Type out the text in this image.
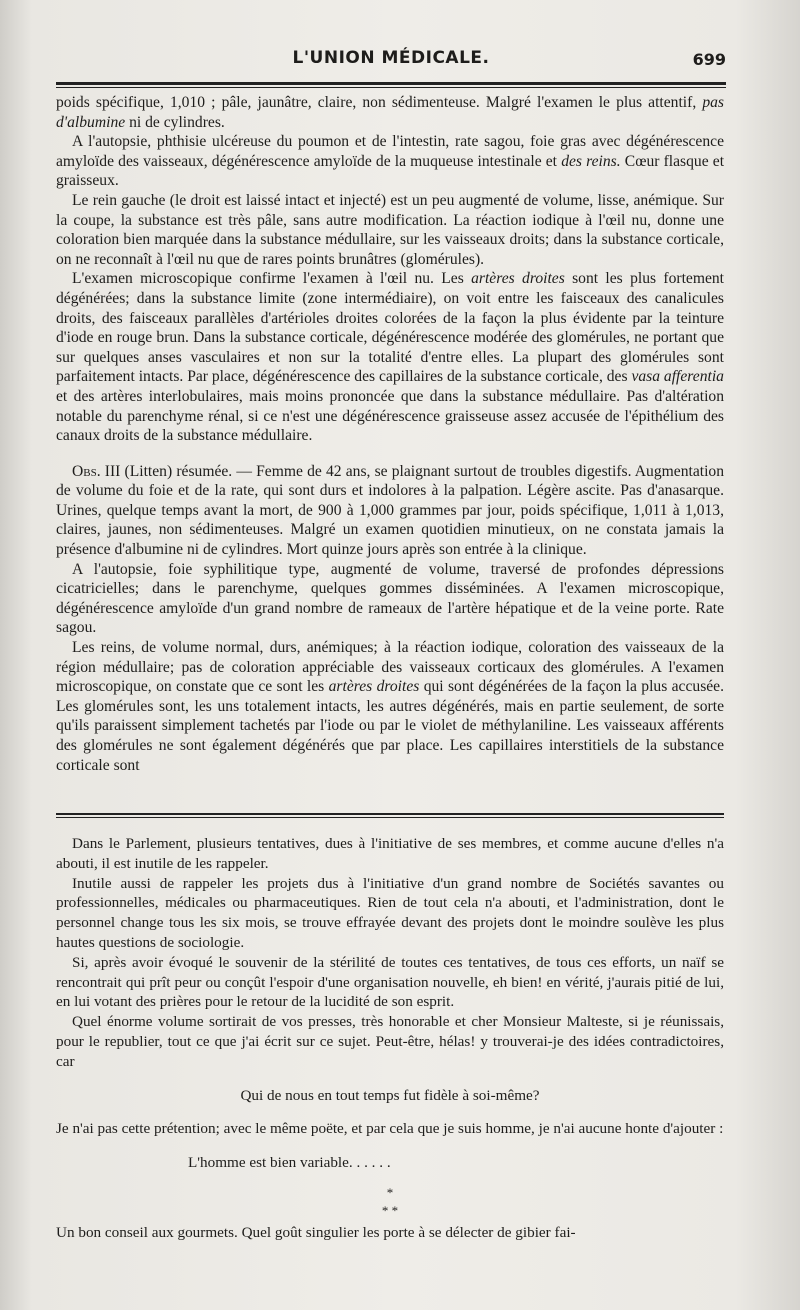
L'UNION MÉDICALE.	699

poids spécifique, 1,010 ; pâle, jaunâtre, claire, non sédimenteuse. Malgré l'examen le plus attentif, pas d'albumine ni de cylindres.

A l'autopsie, phthisie ulcéreuse du poumon et de l'intestin, rate sagou, foie gras avec dégénérescence amyloïde des vaisseaux, dégénérescence amyloïde de la muqueuse intestinale et des reins. Cœur flasque et graisseux.

Le rein gauche (le droit est laissé intact et injecté) est un peu augmenté de volume, lisse, anémique. Sur la coupe, la substance est très pâle, sans autre modification. La réaction iodique à l'œil nu, donne une coloration bien marquée dans la substance médullaire, sur les vaisseaux droits; dans la substance corticale, on ne reconnaît à l'œil nu que de rares points brunâtres (glomérules).

L'examen microscopique confirme l'examen à l'œil nu. Les artères droites sont les plus fortement dégénérées; dans la substance limite (zone intermédiaire), on voit entre les faisceaux des canalicules droits, des faisceaux parallèles d'artérioles droites colorées de la façon la plus évidente par la teinture d'iode en rouge brun. Dans la substance corticale, dégénérescence modérée des glomérules, ne portant que sur quelques anses vasculaires et non sur la totalité d'entre elles. La plupart des glomérules sont parfaitement intacts. Par place, dégénérescence des capillaires de la substance corticale, des vasa afferentia et des artères interlobulaires, mais moins prononcée que dans la substance médullaire. Pas d'altération notable du parenchyme rénal, si ce n'est une dégénérescence graisseuse assez accusée de l'épithélium des canaux droits de la substance médullaire.

Obs. III (Litten) résumée. — Femme de 42 ans, se plaignant surtout de troubles digestifs. Augmentation de volume du foie et de la rate, qui sont durs et indolores à la palpation. Légère ascite. Pas d'anasarque. Urines, quelque temps avant la mort, de 900 à 1,000 grammes par jour, poids spécifique, 1,011 à 1,013, claires, jaunes, non sédimenteuses. Malgré un examen quotidien minutieux, on ne constata jamais la présence d'albumine ni de cylindres. Mort quinze jours après son entrée à la clinique.

A l'autopsie, foie syphilitique type, augmenté de volume, traversé de profondes dépressions cicatricielles; dans le parenchyme, quelques gommes disséminées. A l'examen microscopique, dégénérescence amyloïde d'un grand nombre de rameaux de l'artère hépatique et de la veine porte. Rate sagou.

Les reins, de volume normal, durs, anémiques; à la réaction iodique, coloration des vaisseaux de la région médullaire; pas de coloration appréciable des vaisseaux corticaux des glomérules. A l'examen microscopique, on constate que ce sont les artères droites qui sont dégénérées de la façon la plus accusée. Les glomérules sont, les uns totalement intacts, les autres dégénérés, mais en partie seulement, de sorte qu'ils paraissent simplement tachetés par l'iode ou par le violet de méthylaniline. Les vaisseaux afférents des glomérules ne sont également dégénérés que par place. Les capillaires interstitiels de la substance corticale sont

Dans le Parlement, plusieurs tentatives, dues à l'initiative de ses membres, et comme aucune d'elles n'a abouti, il est inutile de les rappeler.

Inutile aussi de rappeler les projets dus à l'initiative d'un grand nombre de Sociétés savantes ou professionnelles, médicales ou pharmaceutiques. Rien de tout cela n'a abouti, et l'administration, dont le personnel change tous les six mois, se trouve effrayée devant des projets dont le moindre soulève les plus hautes questions de sociologie.

Si, après avoir évoqué le souvenir de la stérilité de toutes ces tentatives, de tous ces efforts, un naïf se rencontrait qui prît peur ou conçût l'espoir d'une organisation nouvelle, eh bien! en vérité, j'aurais pitié de lui, en lui votant des prières pour le retour de la lucidité de son esprit.

Quel énorme volume sortirait de vos presses, très honorable et cher Monsieur Malteste, si je réunissais, pour le republier, tout ce que j'ai écrit sur ce sujet. Peut-être, hélas! y trouverai-je des idées contradictoires, car

Qui de nous en tout temps fut fidèle à soi-même?

Je n'ai pas cette prétention; avec le même poëte, et par cela que je suis homme, je n'ai aucune honte d'ajouter :

L'homme est bien variable. . . . . .

*

* *

Un bon conseil aux gourmets. Quel goût singulier les porte à se délecter de gibier fai-
